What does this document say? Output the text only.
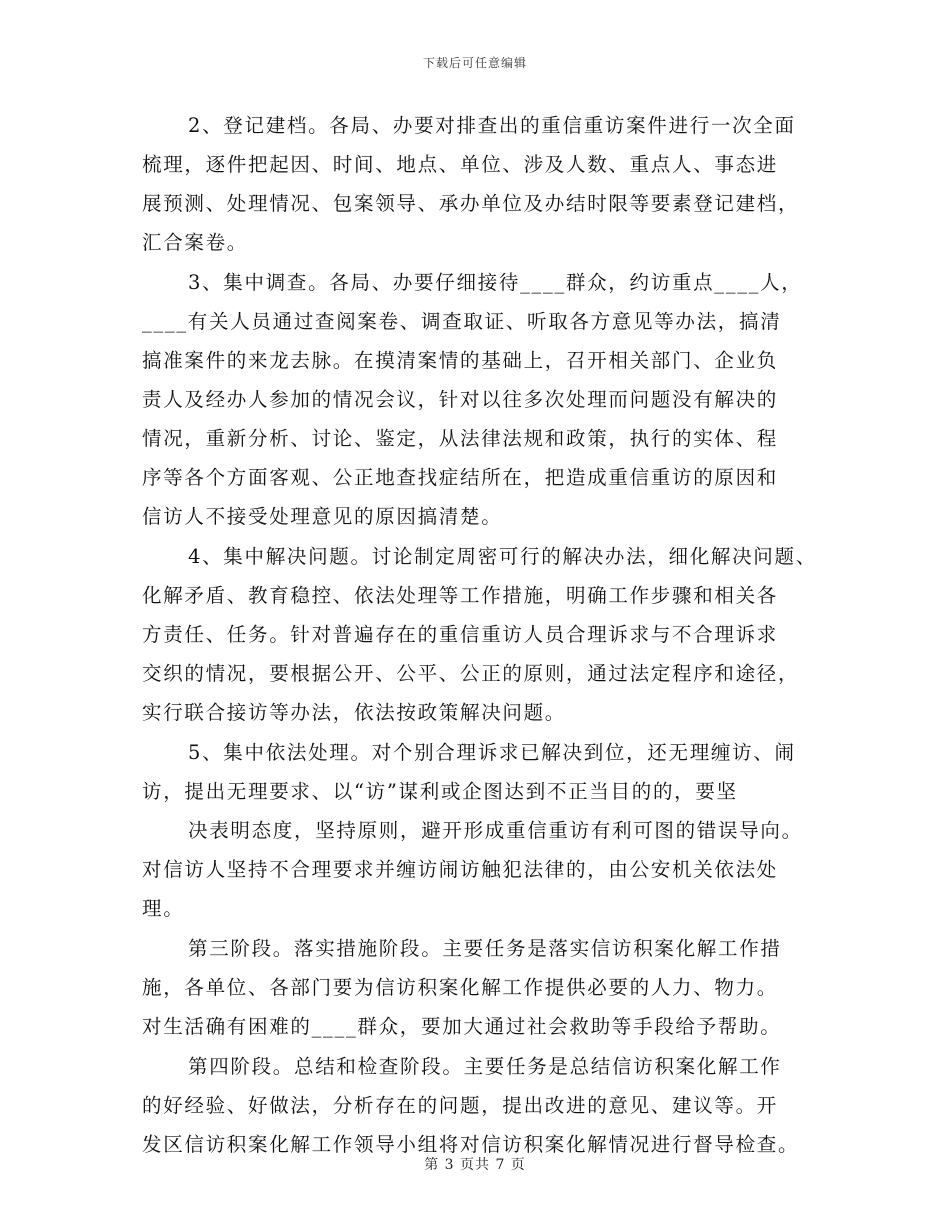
下载后可任意编辑
2、登记建档。各局、办要对排查出的重信重访案件进行一次全面
梳理，逐件把起因、时间、地点、单位、涉及人数、重点人、事态进
展预测、处理情况、包案领导、承办单位及办结时限等要素登记建档，
汇合案卷。
3、集中调查。各局、办要仔细接待____群众，约访重点____人，
____有关人员通过查阅案卷、调查取证、听取各方意见等办法，搞清
搞准案件的来龙去脉。在摸清案情的基础上，召开相关部门、企业负
责人及经办人参加的情况会议，针对以往多次处理而问题没有解决的
情况，重新分析、讨论、鉴定，从法律法规和政策，执行的实体、程
序等各个方面客观、公正地查找症结所在，把造成重信重访的原因和
信访人不接受处理意见的原因搞清楚。
4、集中解决问题。讨论制定周密可行的解决办法，细化解决问题、
化解矛盾、教育稳控、依法处理等工作措施，明确工作步骤和相关各
方责任、任务。针对普遍存在的重信重访人员合理诉求与不合理诉求
交织的情况，要根据公开、公平、公正的原则，通过法定程序和途径，
实行联合接访等办法，依法按政策解决问题。
5、集中依法处理。对个别合理诉求已解决到位，还无理缠访、闹
访，提出无理要求、以“访”谋利或企图达到不正当目的的，要坚
决表明态度，坚持原则，避开形成重信重访有利可图的错误导向。
对信访人坚持不合理要求并缠访闹访触犯法律的，由公安机关依法处
理。
第三阶段。落实措施阶段。主要任务是落实信访积案化解工作措
施，各单位、各部门要为信访积案化解工作提供必要的人力、物力。
对生活确有困难的____群众，要加大通过社会救助等手段给予帮助。
第四阶段。总结和检查阶段。主要任务是总结信访积案化解工作
的好经验、好做法，分析存在的问题，提出改进的意见、建议等。开
发区信访积案化解工作领导小组将对信访积案化解情况进行督导检查。
第 3 页共 7 页
